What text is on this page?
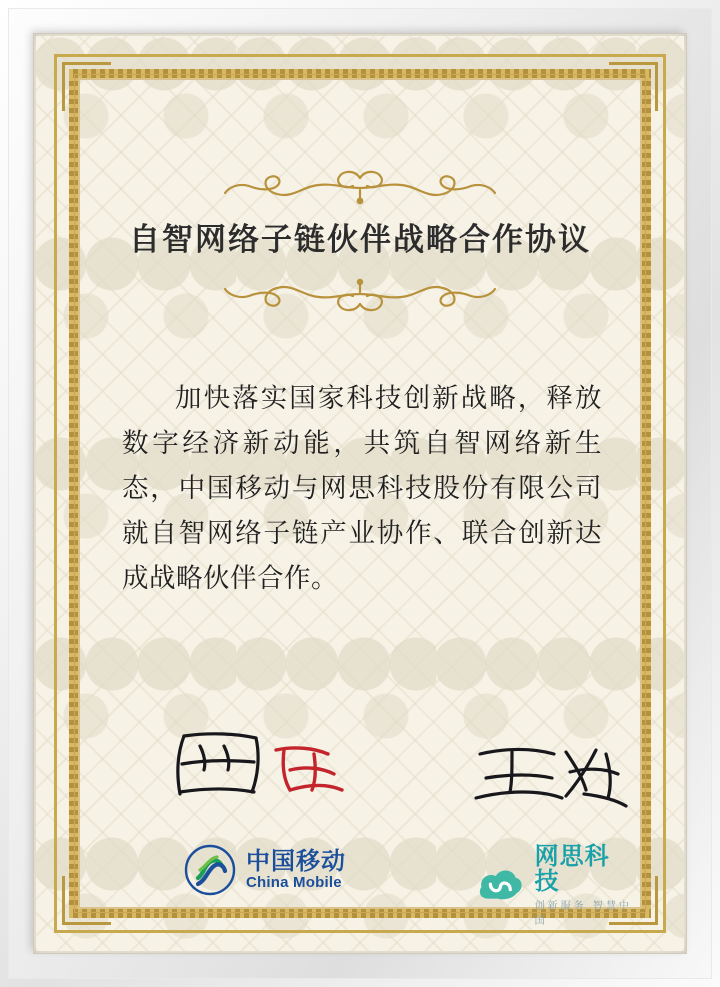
自智网络子链伙伴战略合作协议
加快落实国家科技创新战略，释放数字经济新动能，共筑自智网络新生态，中国移动与网思科技股份有限公司就自智网络子链产业协作、联合创新达成战略伙伴合作。
中国移动
China Mobile
网思科技
创新服务 智慧中国
